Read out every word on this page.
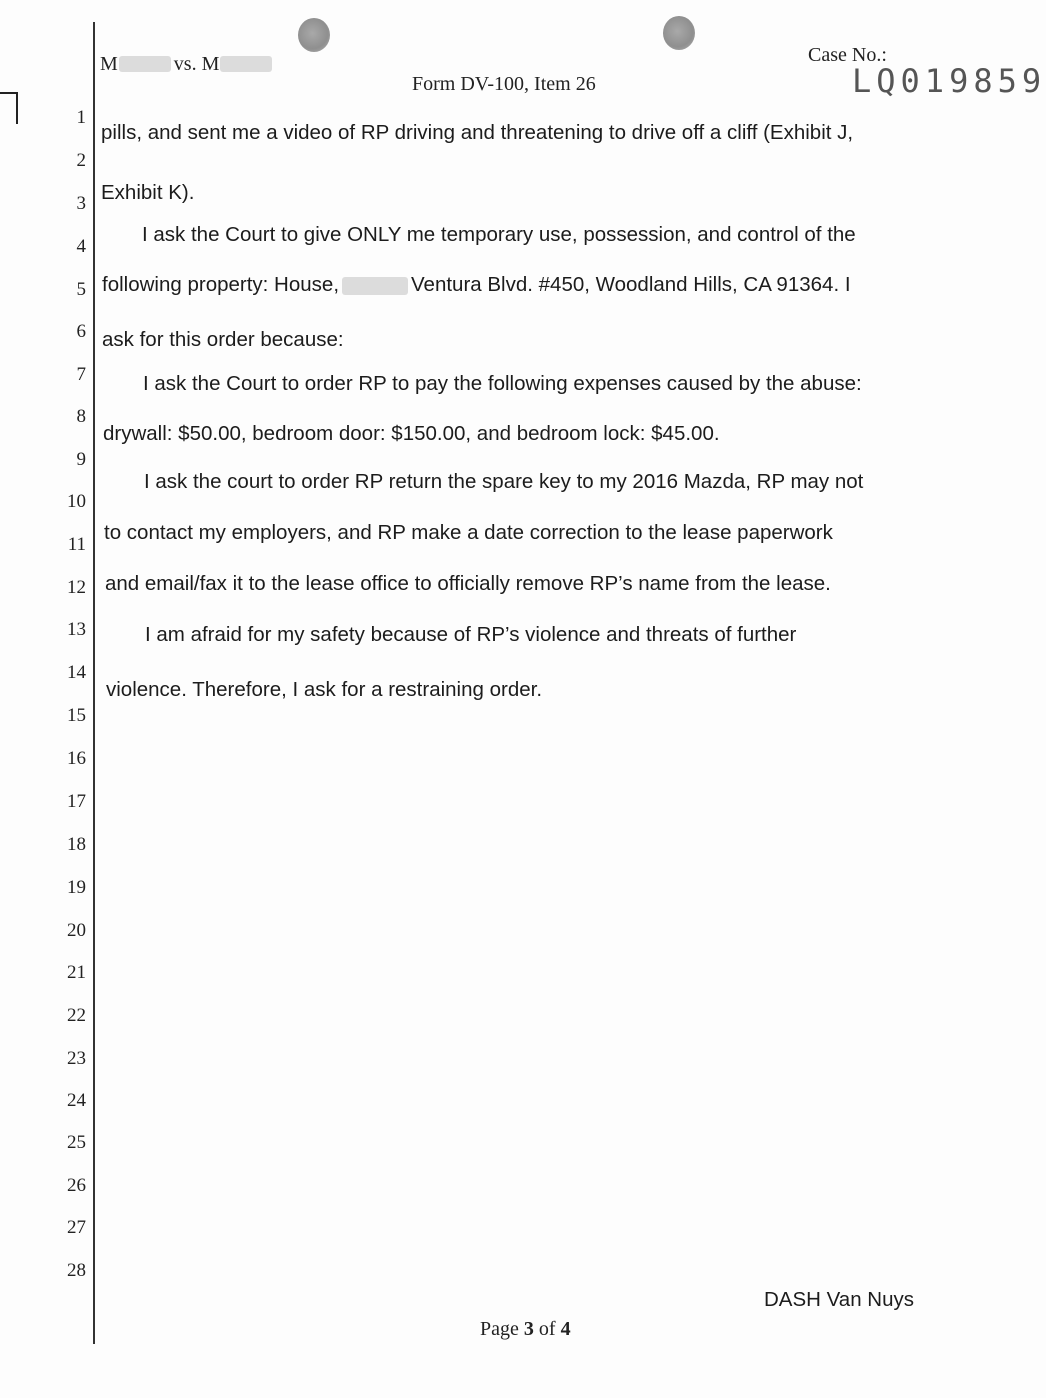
1
2
3
4
5
6
7
8
9
10
11
12
13
14
15
16
17
18
19
20
21
22
23
24
25
26
27
28
M	vs. M
Form DV-100, Item 26
Case No.:
LQ019859
pills, and sent me a video of RP driving and threatening to drive off a cliff (Exhibit J,
Exhibit K).
I ask the Court to give ONLY me temporary use, possession, and control of the
following property: House,	Ventura Blvd. #450, Woodland Hills, CA 91364. I
ask for this order because:
I ask the Court to order RP to pay the following expenses caused by the abuse:
drywall: $50.00, bedroom door: $150.00, and bedroom lock: $45.00.
I ask the court to order RP return the spare key to my 2016 Mazda, RP may not
to contact my employers, and RP make a date correction to the lease paperwork
and email/fax it to the lease office to officially remove RP’s name from the lease.
I am afraid for my safety because of RP’s violence and threats of further
violence. Therefore, I ask for a restraining order.
DASH Van Nuys
Page 3 of 4
